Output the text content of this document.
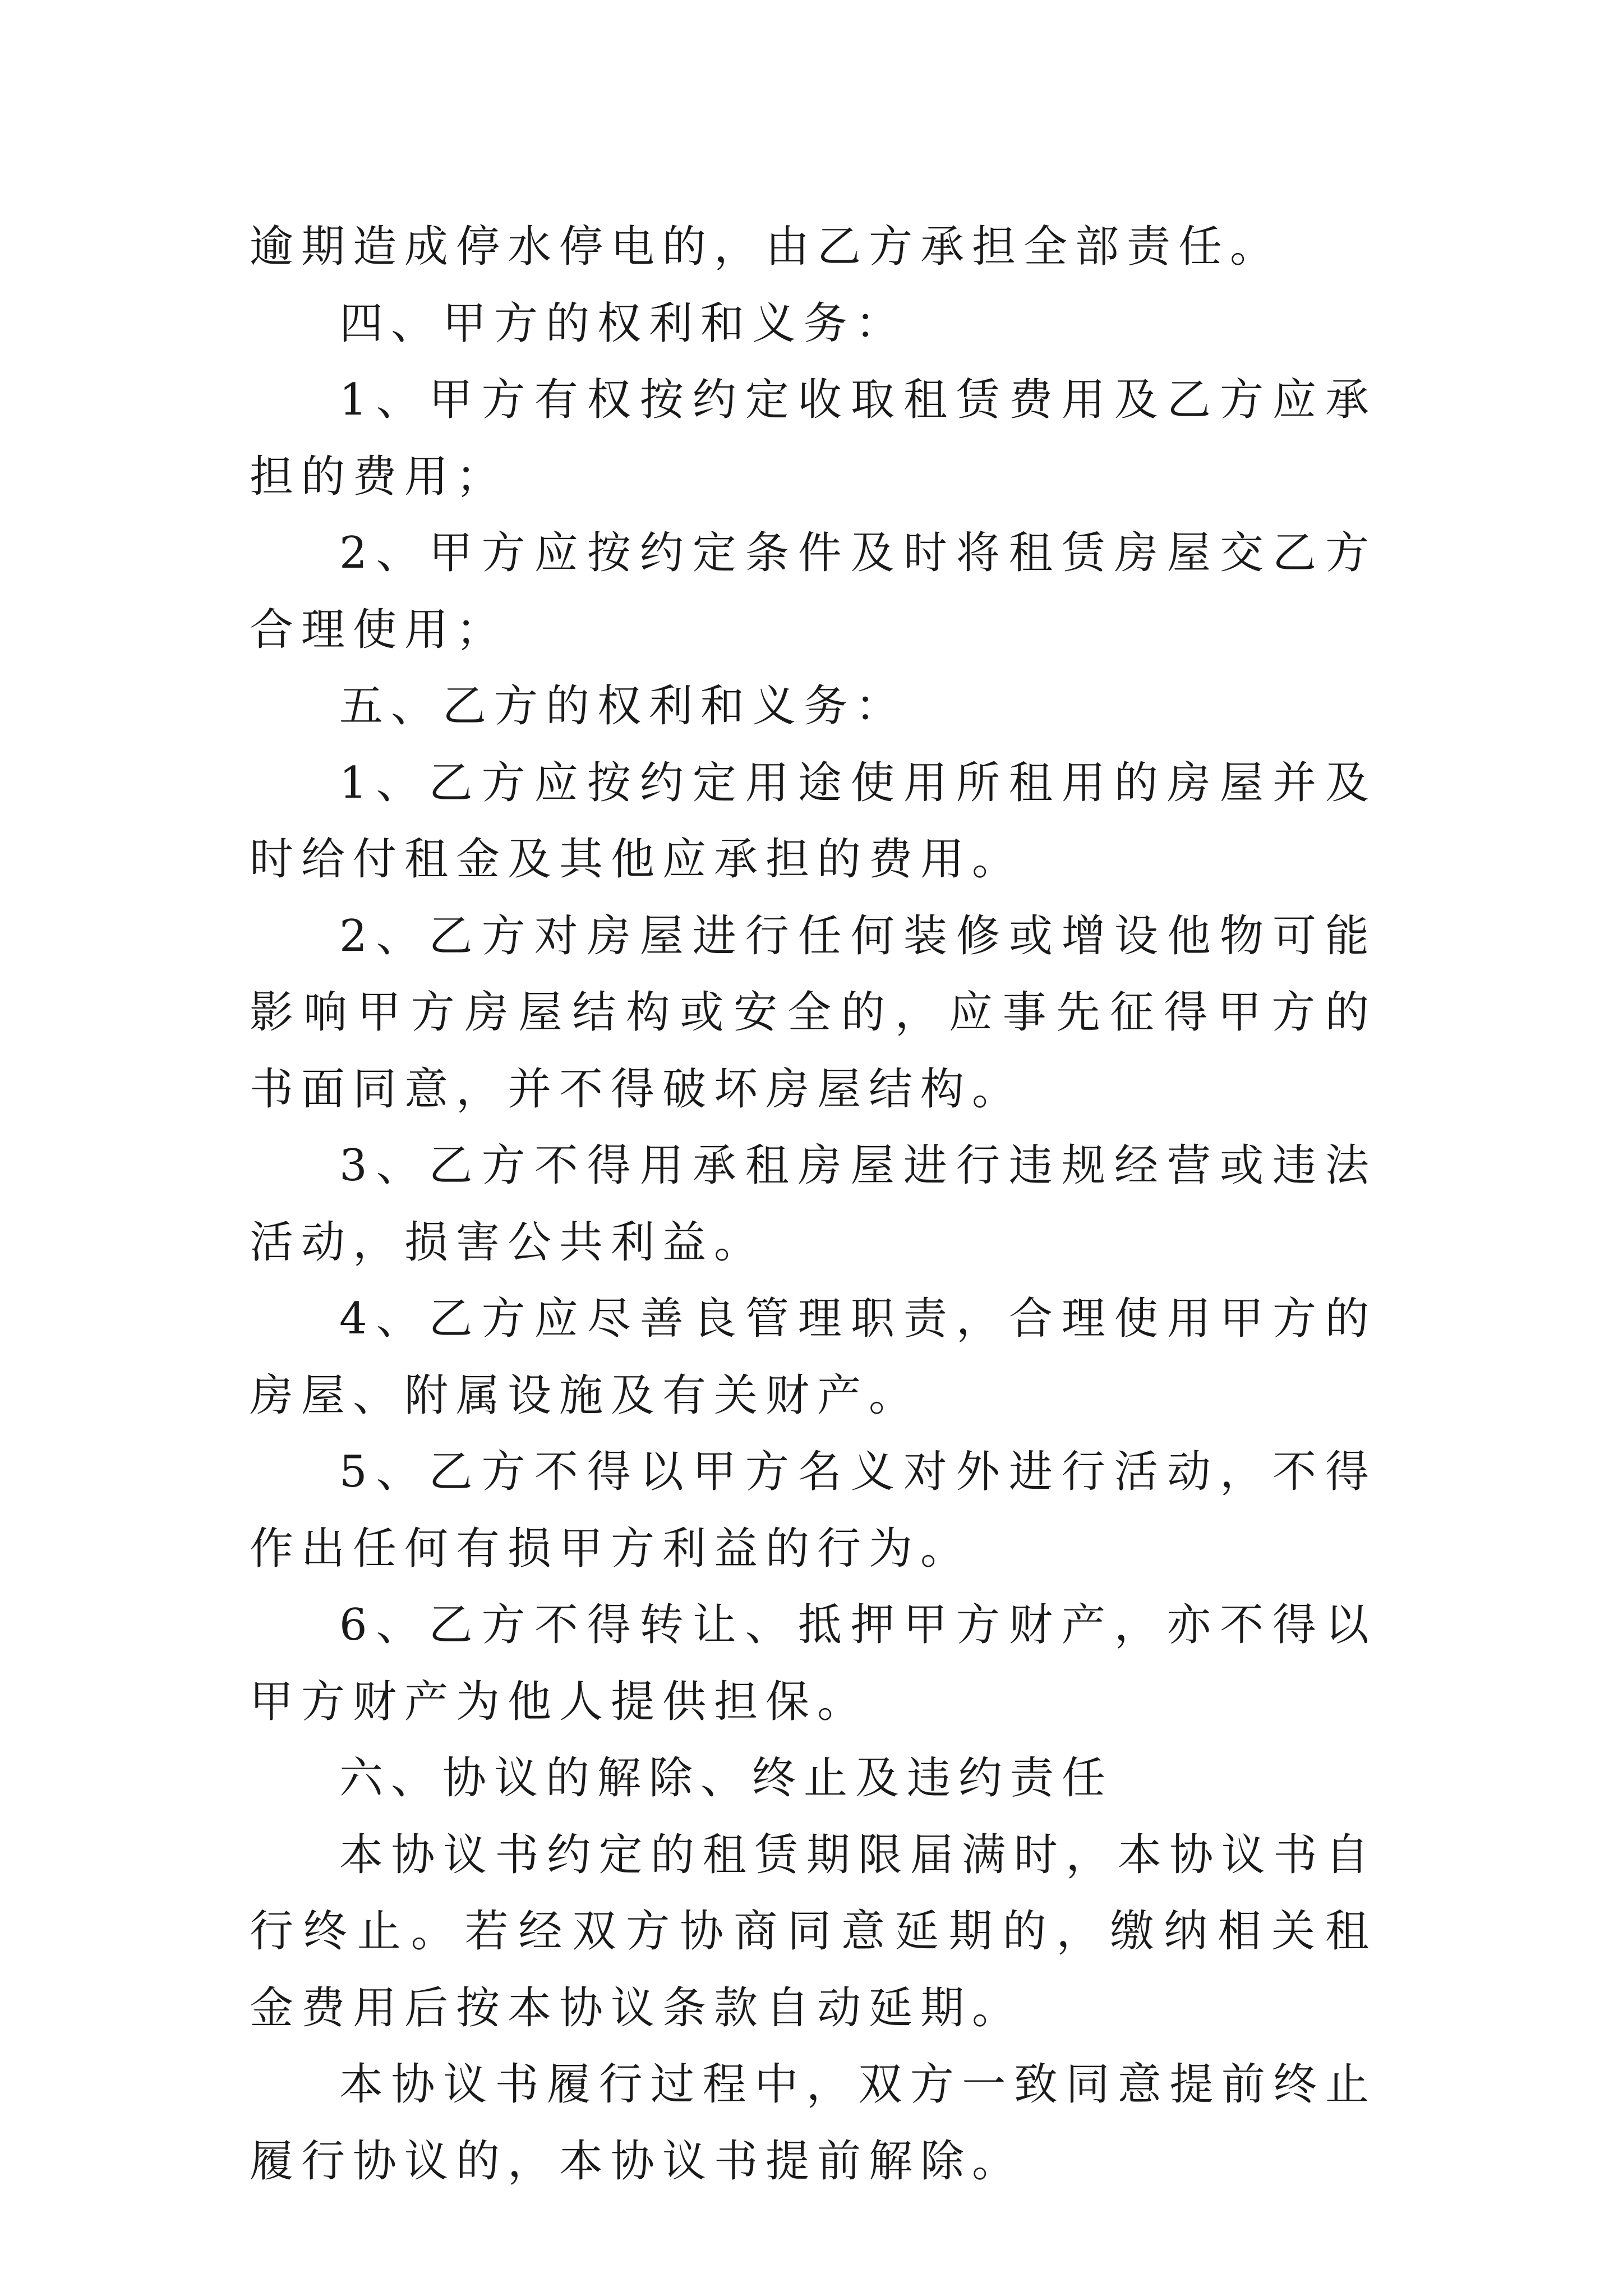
逾期造成停水停电的，由乙方承担全部责任。

四、甲方的权利和义务：

1、甲方有权按约定收取租赁费用及乙方应承担的费用；

2、甲方应按约定条件及时将租赁房屋交乙方合理使用；

五、乙方的权利和义务：

1、乙方应按约定用途使用所租用的房屋并及时给付租金及其他应承担的费用。

2、乙方对房屋进行任何装修或增设他物可能影响甲方房屋结构或安全的，应事先征得甲方的书面同意，并不得破坏房屋结构。

3、乙方不得用承租房屋进行违规经营或违法活动，损害公共利益。

4、乙方应尽善良管理职责，合理使用甲方的房屋、附属设施及有关财产。

5、乙方不得以甲方名义对外进行活动，不得作出任何有损甲方利益的行为。

6、乙方不得转让、抵押甲方财产，亦不得以甲方财产为他人提供担保。

六、协议的解除、终止及违约责任

本协议书约定的租赁期限届满时，本协议书自行终止。若经双方协商同意延期的，缴纳相关租金费用后按本协议条款自动延期。

本协议书履行过程中，双方一致同意提前终止履行协议的，本协议书提前解除。
